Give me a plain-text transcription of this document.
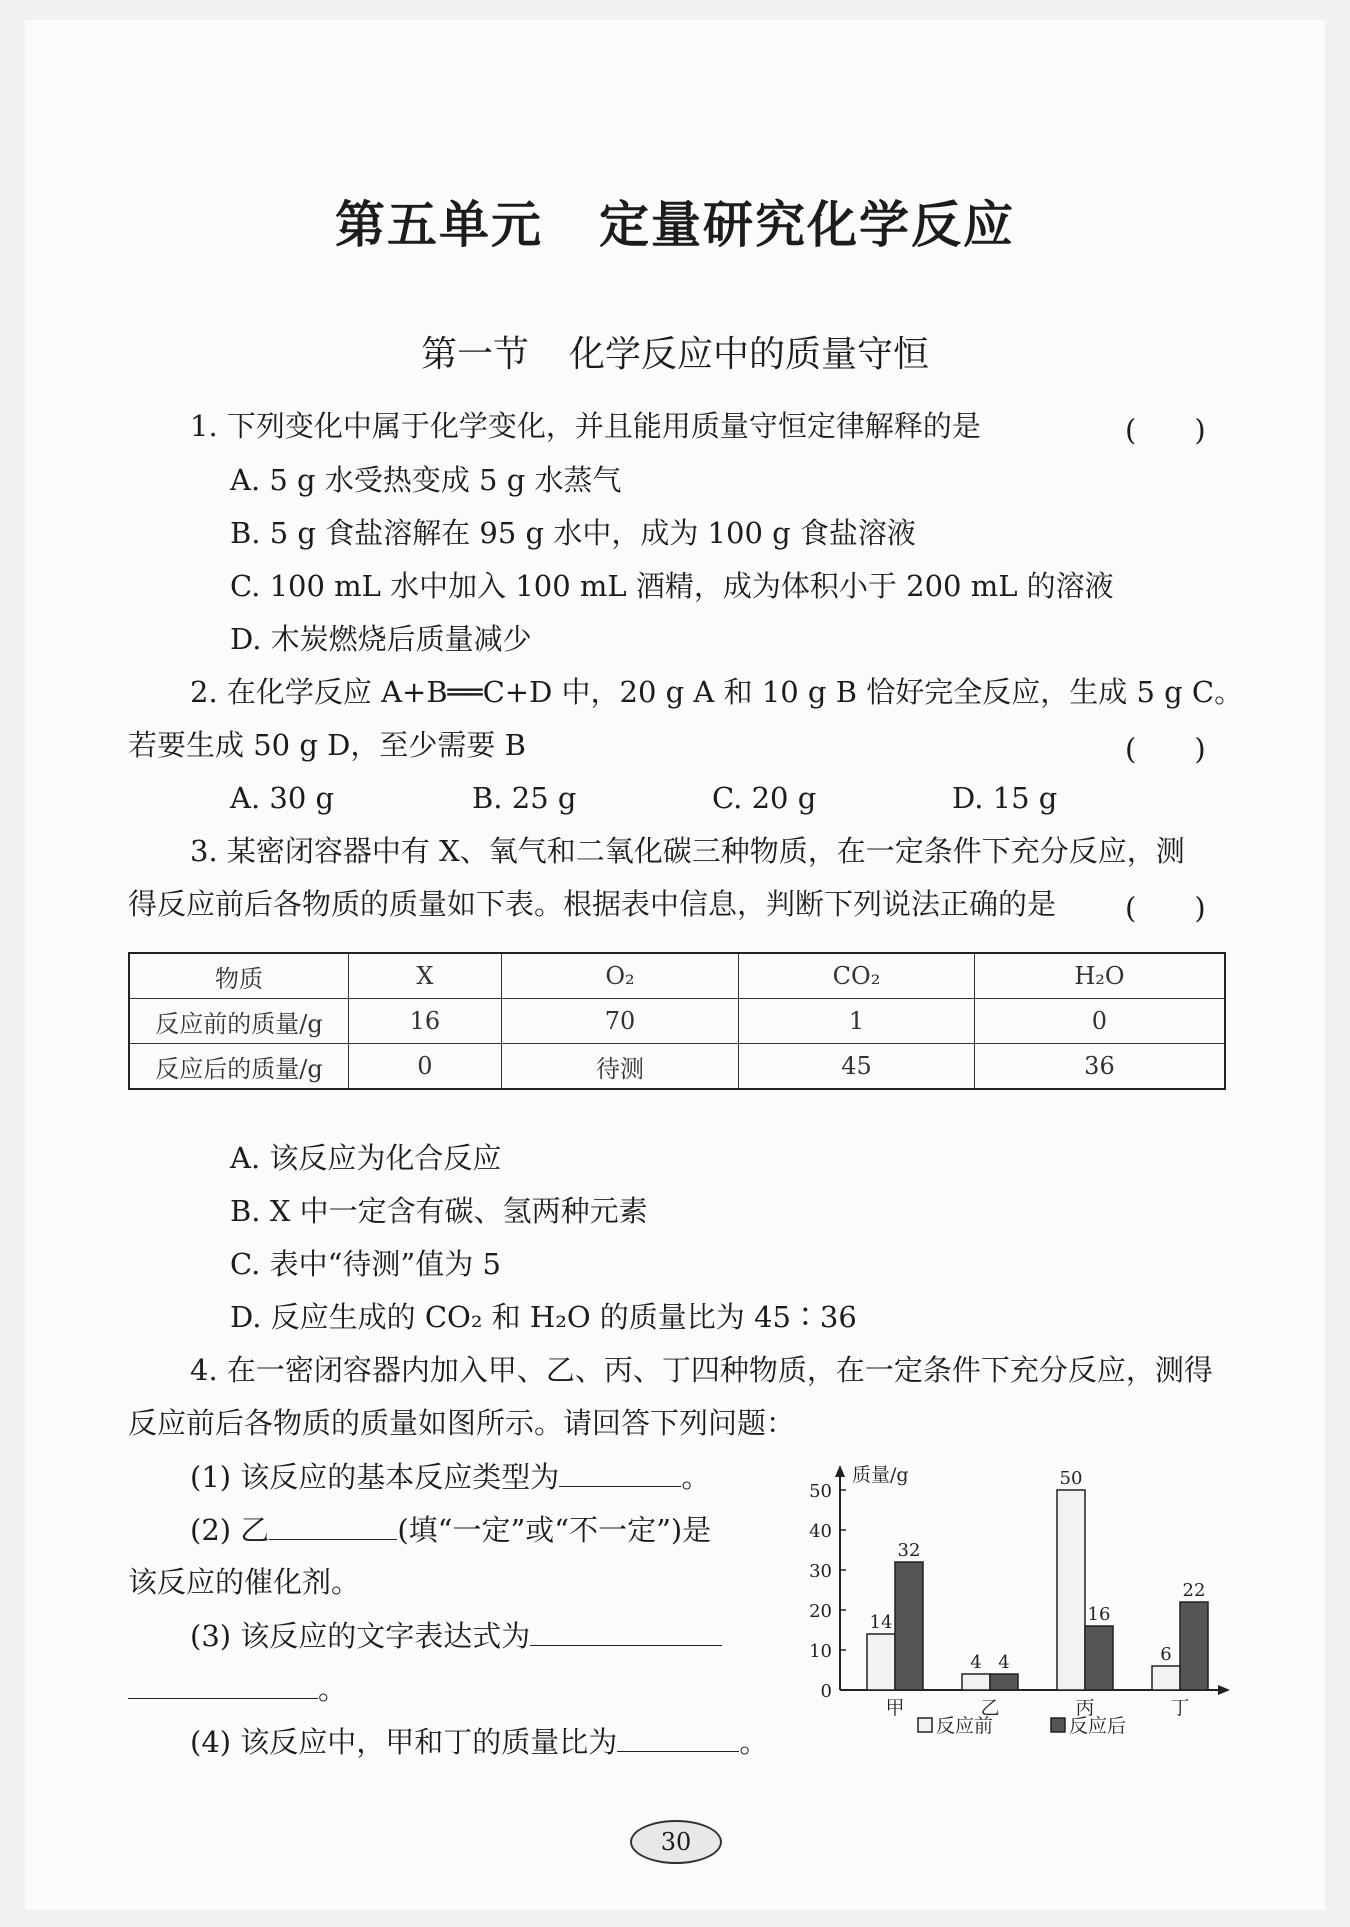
第五单元 定量研究化学反应
第一节 化学反应中的质量守恒
1. 下列变化中属于化学变化，并且能用质量守恒定律解释的是	(　　)
A. 5 g 水受热变成 5 g 水蒸气
B. 5 g 食盐溶解在 95 g 水中，成为 100 g 食盐溶液
C. 100 mL 水中加入 100 mL 酒精，成为体积小于 200 mL 的溶液
D. 木炭燃烧后质量减少
2. 在化学反应 A+B══C+D 中，20 g A 和 10 g B 恰好完全反应，生成 5 g C。
若要生成 50 g D，至少需要 B	(　　)
A. 30 g	B. 25 g	C. 20 g	D. 15 g
3. 某密闭容器中有 X、氧气和二氧化碳三种物质，在一定条件下充分反应，测
得反应前后各物质的质量如下表。根据表中信息，判断下列说法正确的是 (　　)
物质	X	O₂	CO₂	H₂O
反应前的质量/g	16	70	1	0
反应后的质量/g	0	待测	45	36
A. 该反应为化合反应
B. X 中一定含有碳、氢两种元素
C. 表中“待测”值为 5
D. 反应生成的 CO₂ 和 H₂O 的质量比为 45∶36
4. 在一密闭容器内加入甲、乙、丙、丁四种物质，在一定条件下充分反应，测得
反应前后各物质的质量如图所示。请回答下列问题：
(1) 该反应的基本反应类型为	。
(2) 乙	(填“一定”或“不一定”)是
该反应的催化剂。
(3) 该反应的文字表达式为
。
(4) 该反应中，甲和丁的质量比为	。
质量/g
0
10
20
30
40
50
14
32
甲
4 4
乙
50
16
丙
6
22
丁
反应前	反应后
30
